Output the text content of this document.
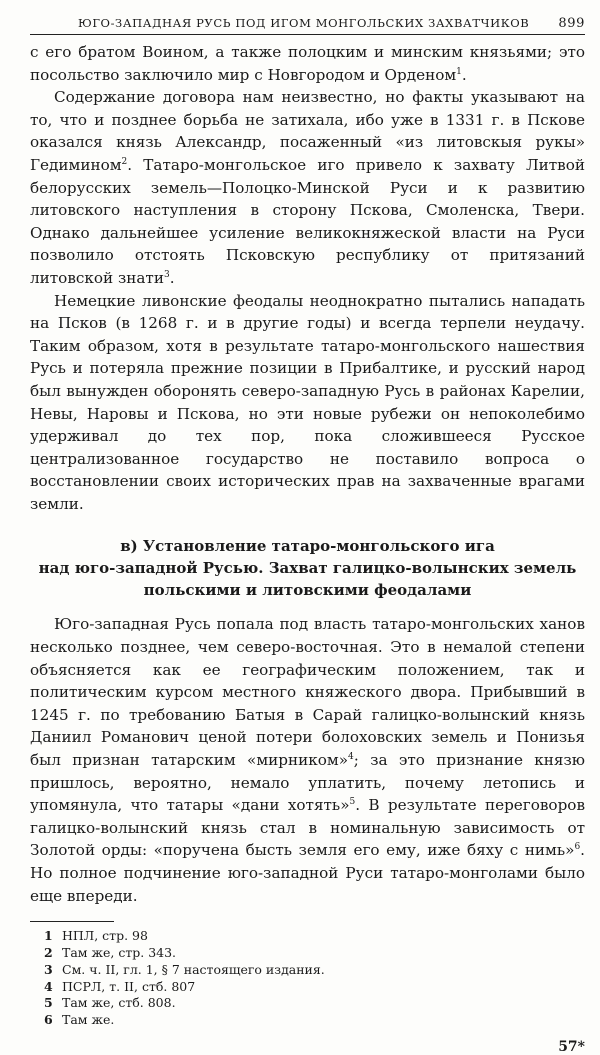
ЮГО-ЗАПАДНАЯ РУСЬ ПОД ИГОМ МОНГОЛЬСКИХ ЗАХВАТЧИКОВ 899

с его братом Воином, а также полоцким и минским князьями; это посольство заключило мир с Новгородом и Орденом$^1$.

Содержание договора нам неизвестно, но факты указывают на то, что и позднее борьба не затихала, ибо уже в 1331 г. в Пскове оказался князь Александр, посаженный «из литовскыя рукы» Гедимином$^2$. Татаро-монгольское иго привело к захвату Литвой белорусских земель—Полоцко-Минской Руси и к развитию литовского наступления в сторону Пскова, Смоленска, Твери. Однако дальнейшее усиление великокняжеской власти на Руси позволило отстоять Псковскую республику от притязаний литовской знати$^3$.

Немецкие ливонские феодалы неоднократно пытались нападать на Псков (в 1268 г. и в другие годы) и всегда терпели неудачу. Таким образом, хотя в результате татаро-монгольского нашествия Русь и потеряла прежние позиции в Прибалтике, и русский народ был вынужден оборонять северо-западную Русь в районах Карелии, Невы, Наровы и Пскова, но эти новые рубежи он непоколебимо удерживал до тех пор, пока сложившееся Русское централизованное государство не поставило вопроса о восстановлении своих исторических прав на захваченные врагами земли.

в) Установление татаро-монгольского ига
над юго-западной Русью. Захват галицко-волынских земель
польскими и литовскими феодалами

Юго-западная Русь попала под власть татаро-монгольских ханов несколько позднее, чем северо-восточная. Это в немалой степени объясняется как ее географическим положением, так и политическим курсом местного княжеского двора. Прибывший в 1245 г. по требованию Батыя в Сарай галицко-волынский князь Даниил Романович ценой потери болоховских земель и Понизья был признан татарским «мирником»$^4$; за это признание князю пришлось, вероятно, немало уплатить, почему летопись и упомянула, что татары «дани хотять»$^5$. В результате переговоров галицко-волынский князь стал в номинальную зависимость от Золотой орды: «поручена бысть земля его ему, иже бяху с нимь»$^6$. Но полное подчинение юго-западной Руси татаро-монголами было еще впереди.

1 НПЛ, стр. 98
2 Там же, стр. 343.
3 См. ч. II, гл. 1, § 7 настоящего издания.
4 ПСРЛ, т. II, стб. 807
5 Там же, стб. 808.
6 Там же.
57*
